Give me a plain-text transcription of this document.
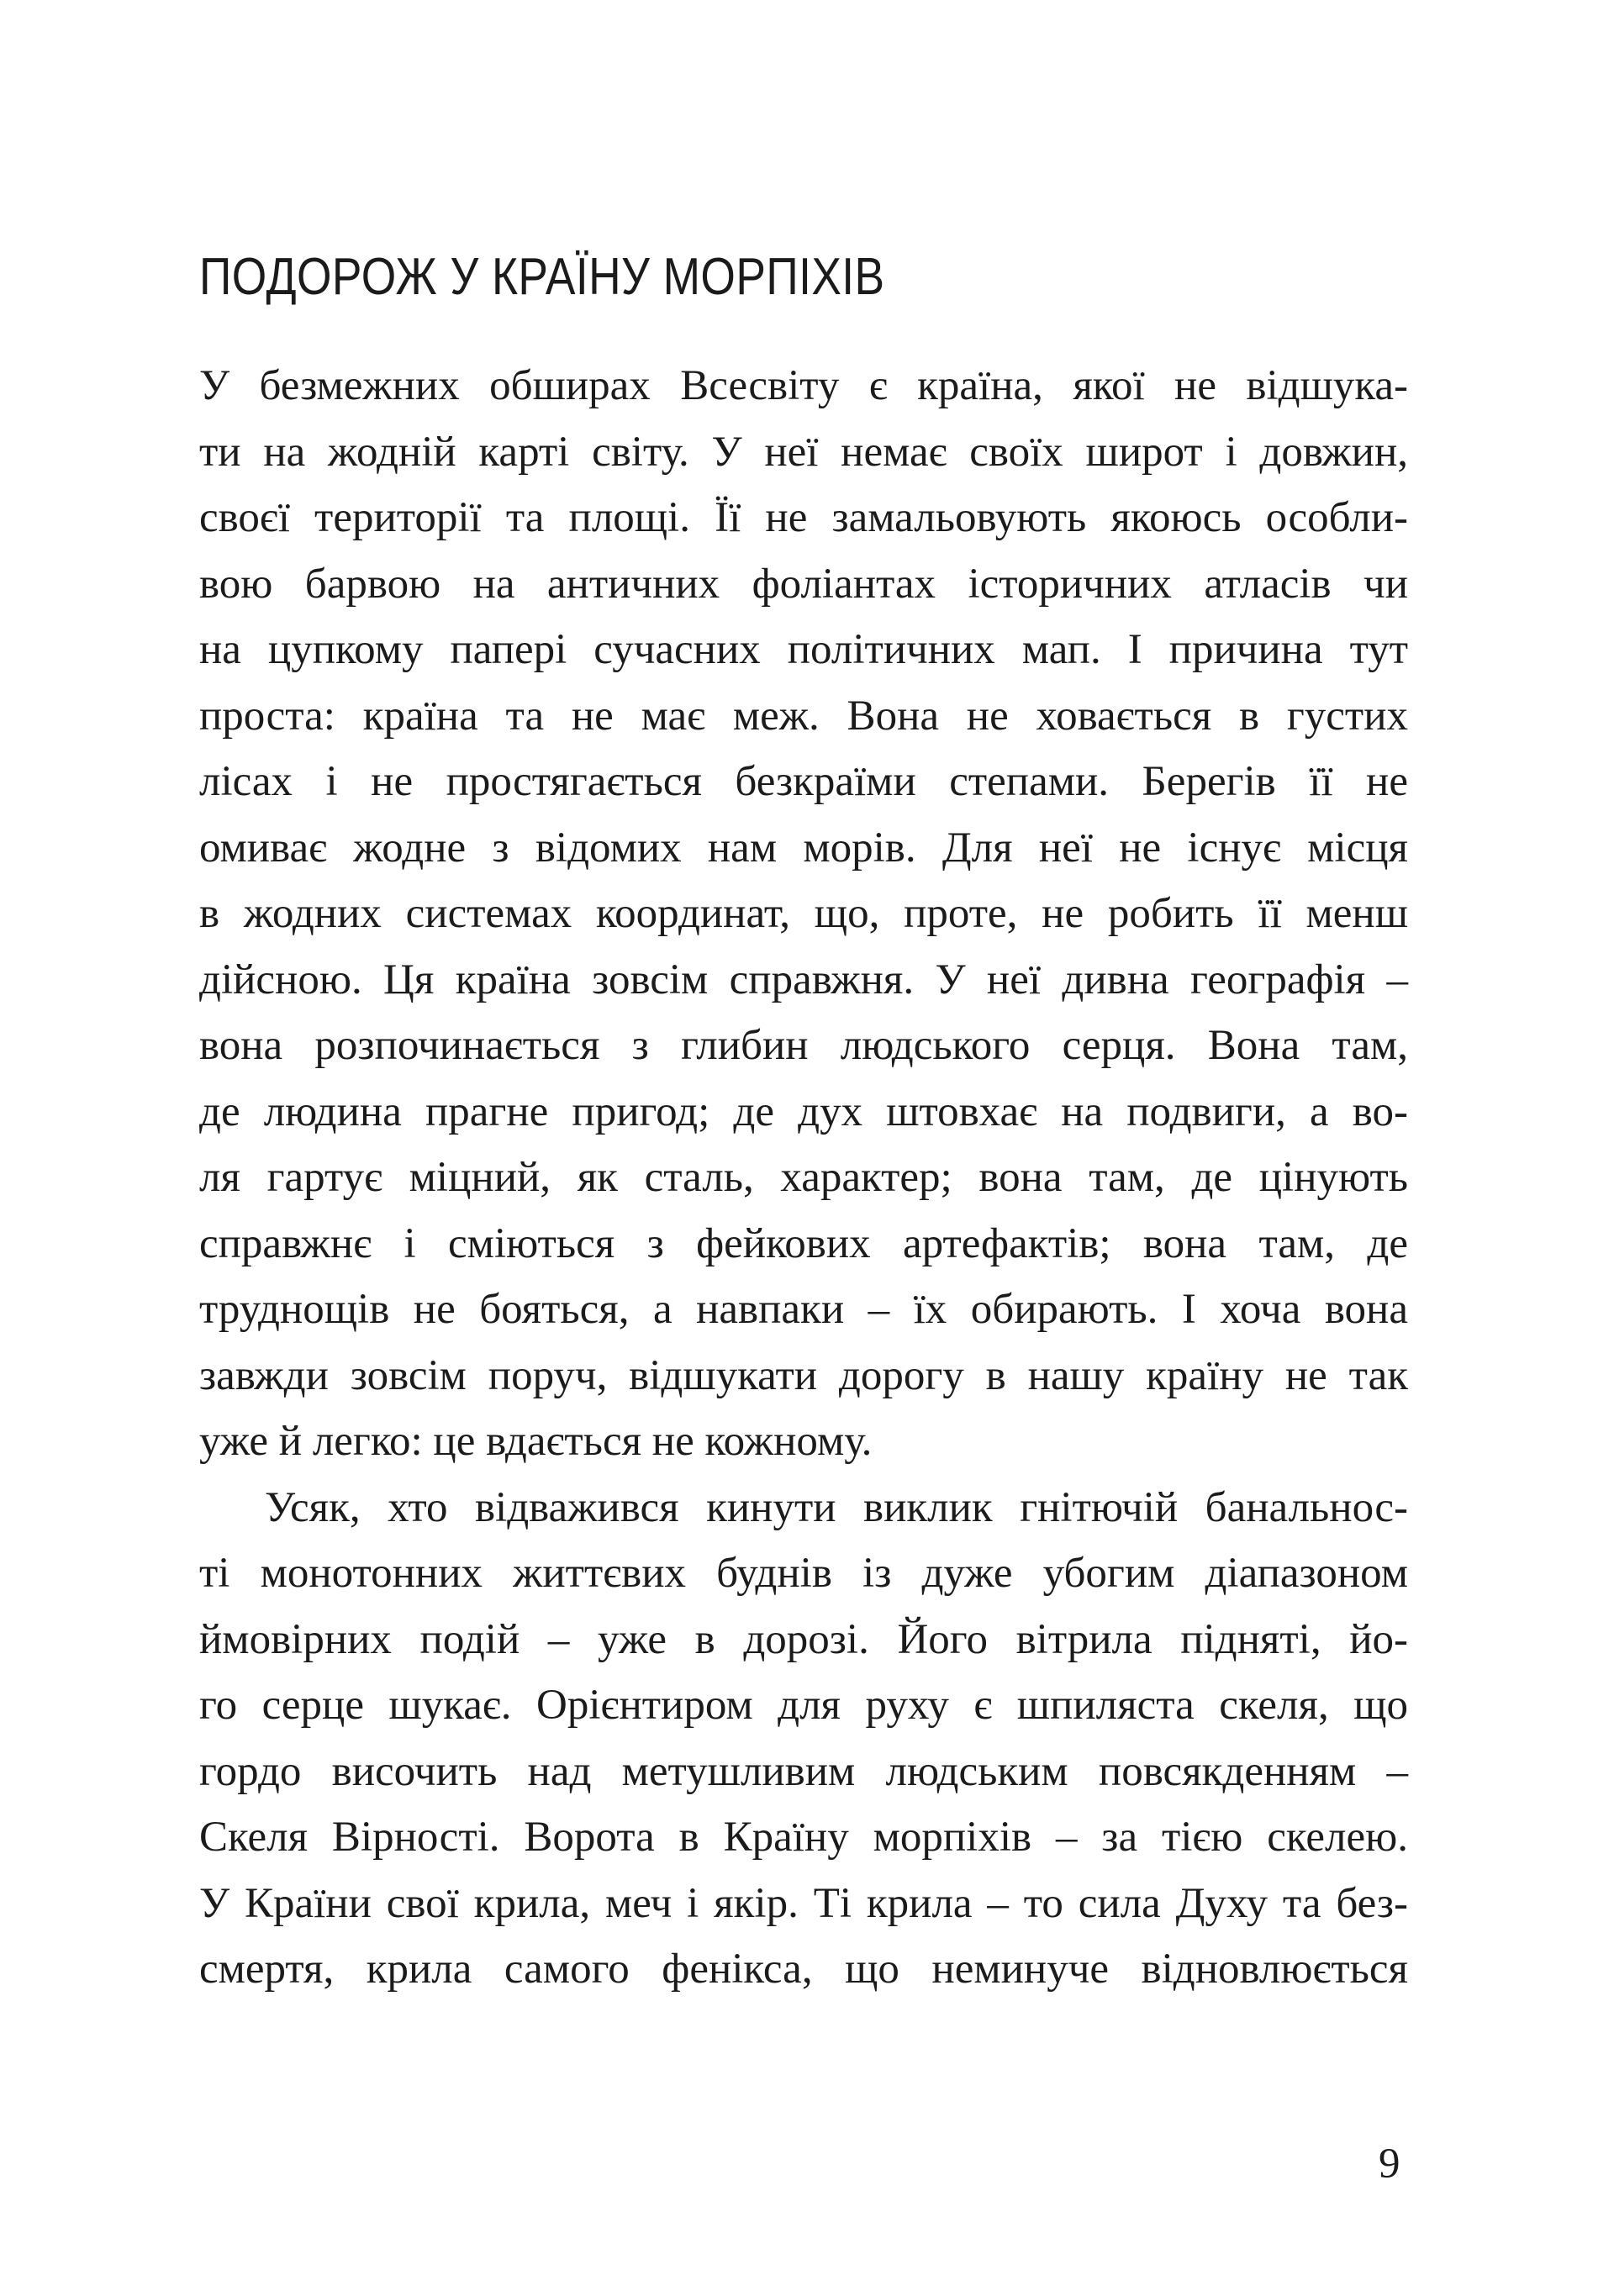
ПОДОРОЖ У КРАЇНУ МОРПІХІВ
У безмежних обширах Всесвіту є країна, якої не відшука-
ти на жодній карті світу. У неї немає своїх широт і довжин,
своєї території та площі. Її не замальовують якоюсь особли-
вою барвою на античних фоліантах історичних атласів чи
на цупкому папері сучасних політичних мап. І причина тут
проста: країна та не має меж. Вона не ховається в густих
лісах і не простягається безкраїми степами. Берегів її не
омиває жодне з відомих нам морів. Для неї не існує місця
в жодних системах координат, що, проте, не робить її менш
дійсною. Ця країна зовсім справжня. У неї дивна географія –
вона розпочинається з глибин людського серця. Вона там,
де людина прагне пригод; де дух штовхає на подвиги, а во-
ля гартує міцний, як сталь, характер; вона там, де цінують
справжнє і сміються з фейкових артефактів; вона там, де
труднощів не бояться, а навпаки – їх обирають. І хоча вона
завжди зовсім поруч, відшукати дорогу в нашу країну не так
уже й легко: це вдається не кожному.
Усяк, хто відважився кинути виклик гнітючій банальнос-
ті монотонних життєвих буднів із дуже убогим діапазоном
ймовірних подій – уже в дорозі. Його вітрила підняті, йо-
го серце шукає. Орієнтиром для руху є шпиляста скеля, що
гордо височить над метушливим людським повсякденням –
Скеля Вірності. Ворота в Країну морпіхів – за тією скелею.
У Країни свої крила, меч і якір. Ті крила – то сила Духу та без-
смертя, крила самого фенікса, що неминуче відновлюється
9
